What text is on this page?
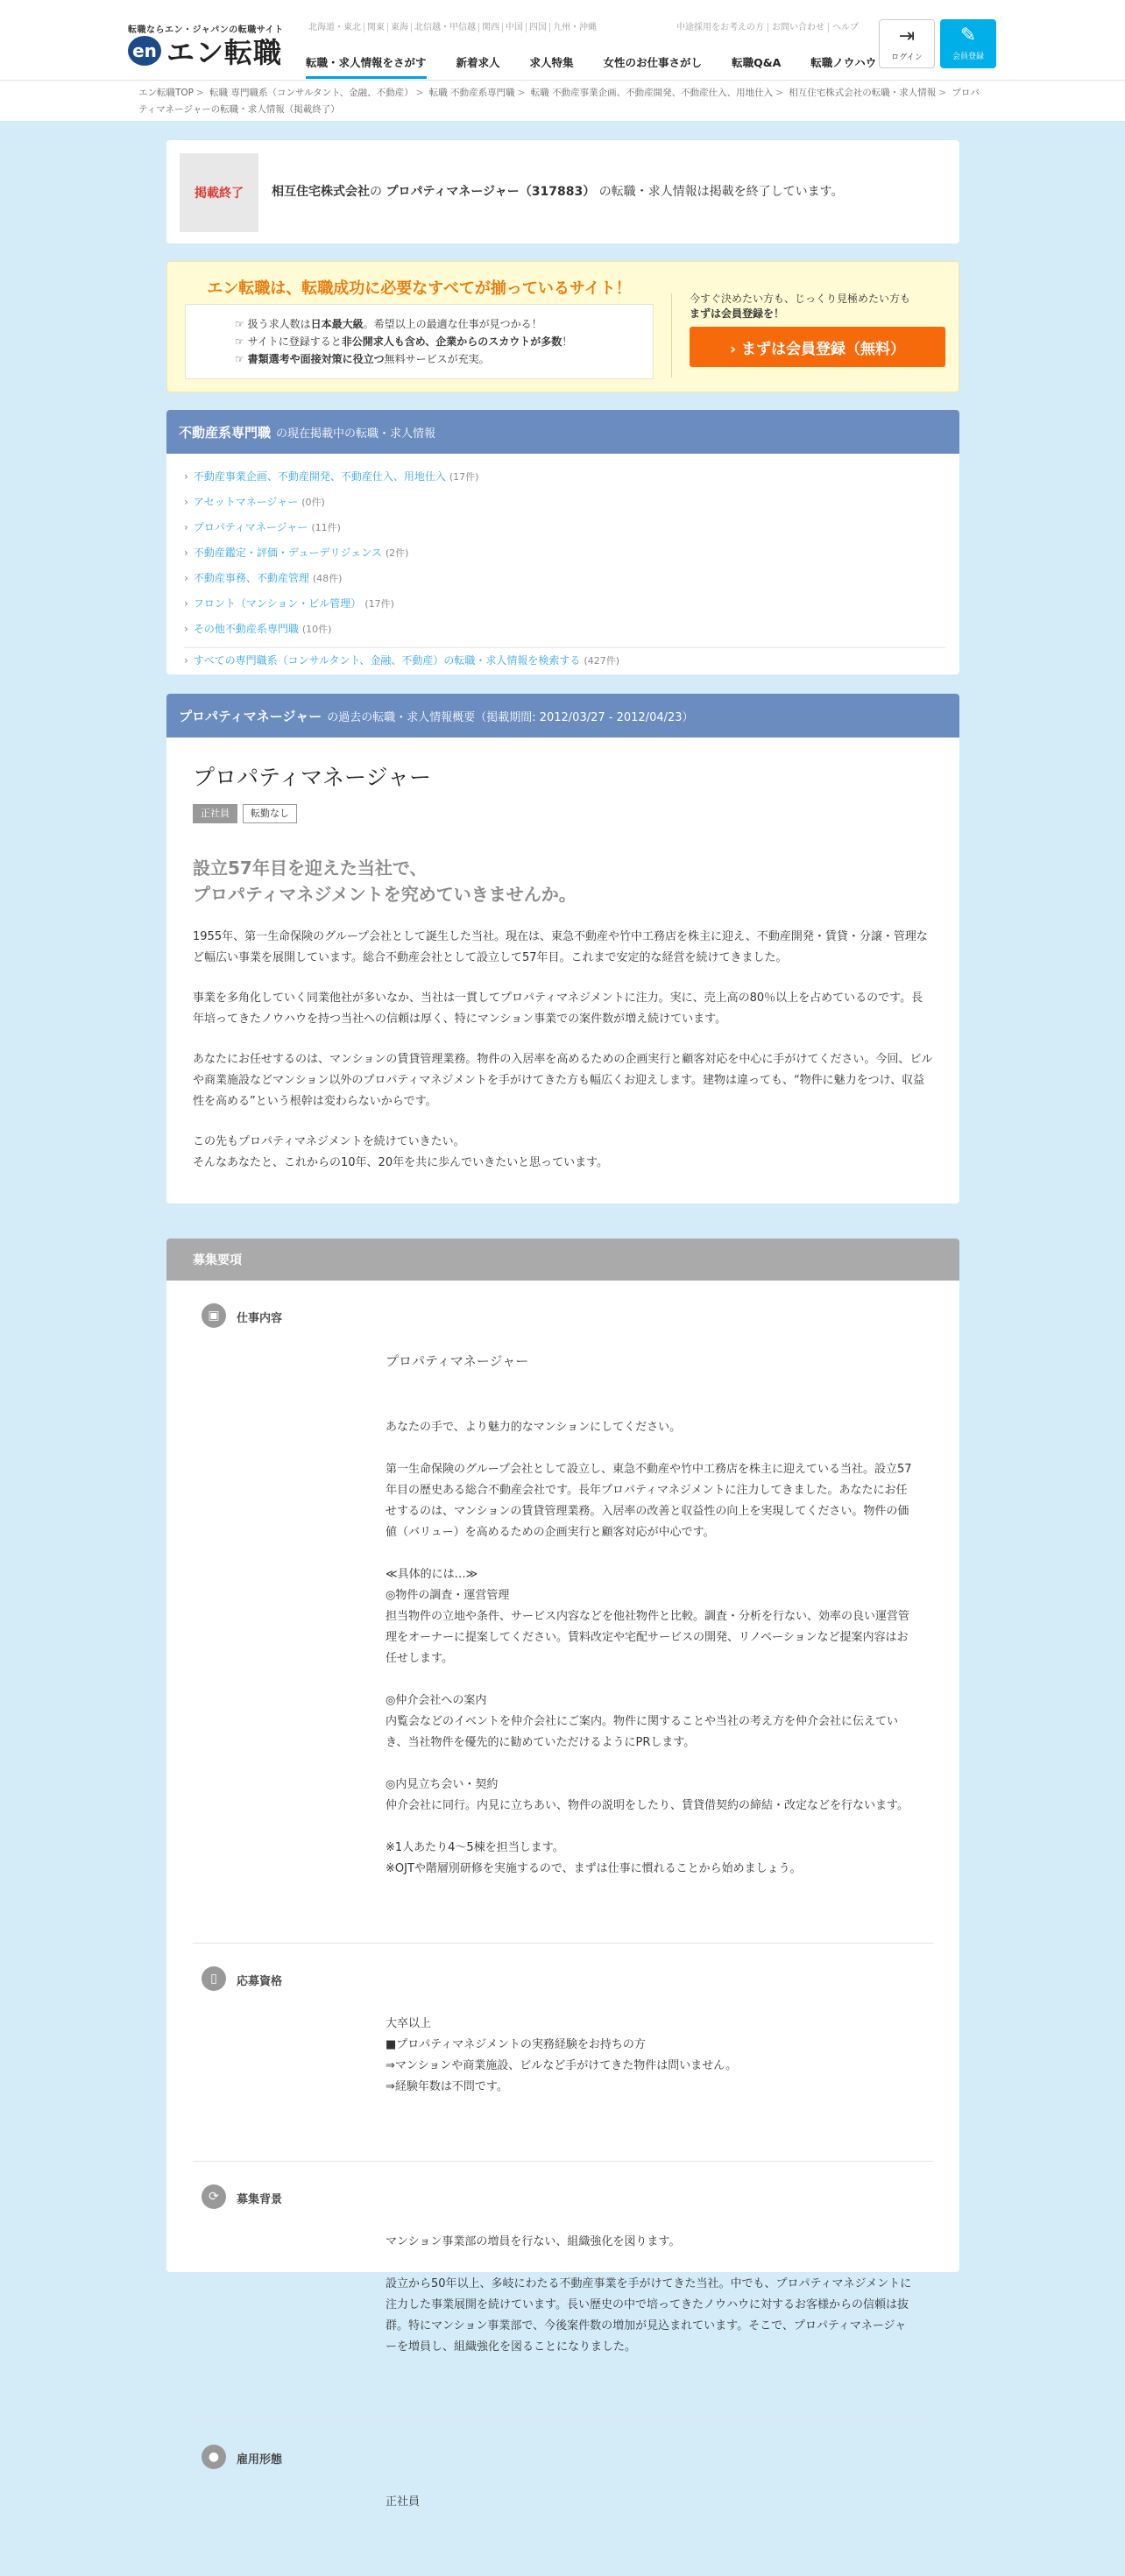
転職ならエン・ジャパンの転職サイト
en エン転職
北海道・東北 関東 東海 北信越・甲信越 関西 中国 四国 九州・沖縄	中途採用をお考えの方 お問い合わせ ヘルプ
転職・求人情報をさがす	新着求人	求人特集	女性のお仕事さがし	転職Q&A	転職ノウハウ
⇥
ログイン
✎
会員登録
エン転職TOP > 転職 専門職系（コンサルタント、金融、不動産） > 転職 不動産系専門職 > 転職 不動産事業企画、不動産開発、不動産仕入、用地仕入 > 相互住宅株式会社の転職・求人情報 > プロパティマネージャーの転職・求人情報（掲載終了）
掲載終了	相互住宅株式会社の プロパティマネージャー（317883） の転職・求人情報は掲載を終了しています。
エン転職は、転職成功に必要なすべてが揃っているサイト！
☞ 扱う求人数は日本最大級。希望以上の最適な仕事が見つかる！
☞ サイトに登録すると非公開求人も含め、企業からのスカウトが多数！
☞ 書類選考や面接対策に役立つ無料サービスが充実。
今すぐ決めたい方も、じっくり見極めたい方も
まずは会員登録を！
› まずは会員登録（無料）
不動産系専門職 の現在掲載中の転職・求人情報
› 不動産事業企画、不動産開発、不動産仕入、用地仕入 (17件)
› アセットマネージャー (0件)
› プロパティマネージャー (11件)
› 不動産鑑定・評価・デューデリジェンス (2件)
› 不動産事務、不動産管理 (48件)
› フロント（マンション・ビル管理） (17件)
› その他不動産系専門職 (10件)
› すべての専門職系（コンサルタント、金融、不動産）の転職・求人情報を検索する (427件)
プロパティマネージャー の過去の転職・求人情報概要（掲載期間: 2012/03/27 - 2012/04/23）
プロパティマネージャー
正社員	転勤なし
設立57年目を迎えた当社で、
プロパティマネジメントを究めていきませんか。

1955年、第一生命保険のグループ会社として誕生した当社。現在は、東急不動産や竹中工務店を株主に迎え、不動産開発・賃貸・分譲・管理など幅広い事業を展開しています。総合不動産会社として設立して57年目。これまで安定的な経営を続けてきました。

事業を多角化していく同業他社が多いなか、当社は一貫してプロパティマネジメントに注力。実に、売上高の80％以上を占めているのです。長年培ってきたノウハウを持つ当社への信頼は厚く、特にマンション事業での案件数が増え続けています。

あなたにお任せするのは、マンションの賃貸管理業務。物件の入居率を高めるための企画実行と顧客対応を中心に手がけてください。今回、ビルや商業施設などマンション以外のプロパティマネジメントを手がけてきた方も幅広くお迎えします。建物は違っても、“物件に魅力をつけ、収益性を高める”という根幹は変わらないからです。

この先もプロパティマネジメントを続けていきたい。
そんなあなたと、これからの10年、20年を共に歩んでいきたいと思っています。

募集要項
▣	仕事内容

プロパティマネージャー

あなたの手で、より魅力的なマンションにしてください。

第一生命保険のグループ会社として設立し、東急不動産や竹中工務店を株主に迎えている当社。設立57年目の歴史ある総合不動産会社です。長年プロパティマネジメントに注力してきました。あなたにお任せするのは、マンションの賃貸管理業務。入居率の改善と収益性の向上を実現してください。物件の価値（バリュー）を高めるための企画実行と顧客対応が中心です。

≪具体的には…≫
◎物件の調査・運営管理
担当物件の立地や条件、サービス内容などを他社物件と比較。調査・分析を行ない、効率の良い運営管理をオーナーに提案してください。賃料改定や宅配サービスの開発、リノベーションなど提案内容はお任せします。

◎仲介会社への案内
内覧会などのイベントを仲介会社にご案内。物件に関することや当社の考え方を仲介会社に伝えていき、当社物件を優先的に勧めていただけるようにPRします。

◎内見立ち会い・契約
仲介会社に同行。内見に立ちあい、物件の説明をしたり、賃貸借契約の締結・改定などを行ないます。

※1人あたり4～5棟を担当します。
※OJTや階層別研修を実施するので、まずは仕事に慣れることから始めましょう。

▯	応募資格

大卒以上
■プロパティマネジメントの実務経験をお持ちの方
⇒マンションや商業施設、ビルなど手がけてきた物件は問いません。
⇒経験年数は不問です。

⟳	募集背景

マンション事業部の増員を行ない、組織強化を図ります。

設立から50年以上、多岐にわたる不動産事業を手がけてきた当社。中でも、プロパティマネジメントに注力した事業展開を続けています。長い歴史の中で培ってきたノウハウに対するお客様からの信頼は抜群。特にマンション事業部で、今後案件数の増加が見込まれています。そこで、プロパティマネージャーを増員し、組織強化を図ることになりました。

●	雇用形態

正社員
